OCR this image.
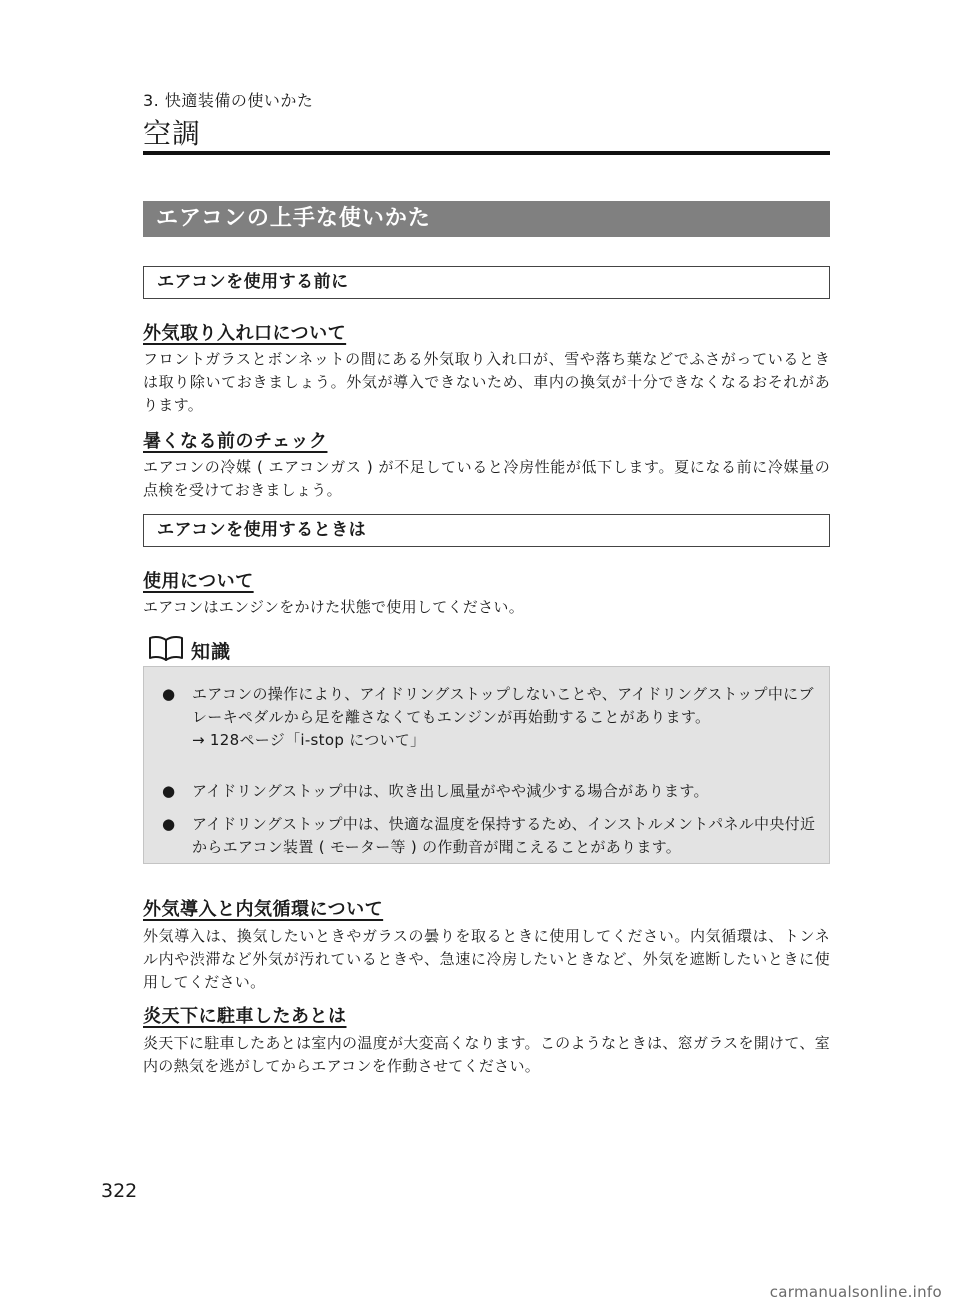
3. 快適装備の使いかた
空調
エアコンの上手な使いかた
エアコンを使用する前に
外気取り入れ口について
フロントガラスとボンネットの間にある外気取り入れ口が、雪や落ち葉などでふさがっているときは取り除いておきましょう。外気が導入できないため、車内の換気が十分できなくなるおそれがあります。
暑くなる前のチェック
エアコンの冷媒 ( エアコンガス ) が不足していると冷房性能が低下します。夏になる前に冷媒量の点検を受けておきましょう。
エアコンを使用するときは
使用について
エアコンはエンジンをかけた状態で使用してください。
知識
●	エアコンの操作により、アイドリングストップしないことや、アイドリングストップ中にブレーキペダルから足を離さなくてもエンジンが再始動することがあります。
→ 128ページ「i-stop について」
●	アイドリングストップ中は、吹き出し風量がやや減少する場合があります。
●	アイドリングストップ中は、快適な温度を保持するため、インストルメントパネル中央付近からエアコン装置 ( モーター等 ) の作動音が聞こえることがあります。
外気導入と内気循環について
外気導入は、換気したいときやガラスの曇りを取るときに使用してください。内気循環は、トンネル内や渋滞など外気が汚れているときや、急速に冷房したいときなど、外気を遮断したいときに使用してください。
炎天下に駐車したあとは
炎天下に駐車したあとは室内の温度が大変高くなります。このようなときは、窓ガラスを開けて、室内の熱気を逃がしてからエアコンを作動させてください。
322
carmanualsonline.info
